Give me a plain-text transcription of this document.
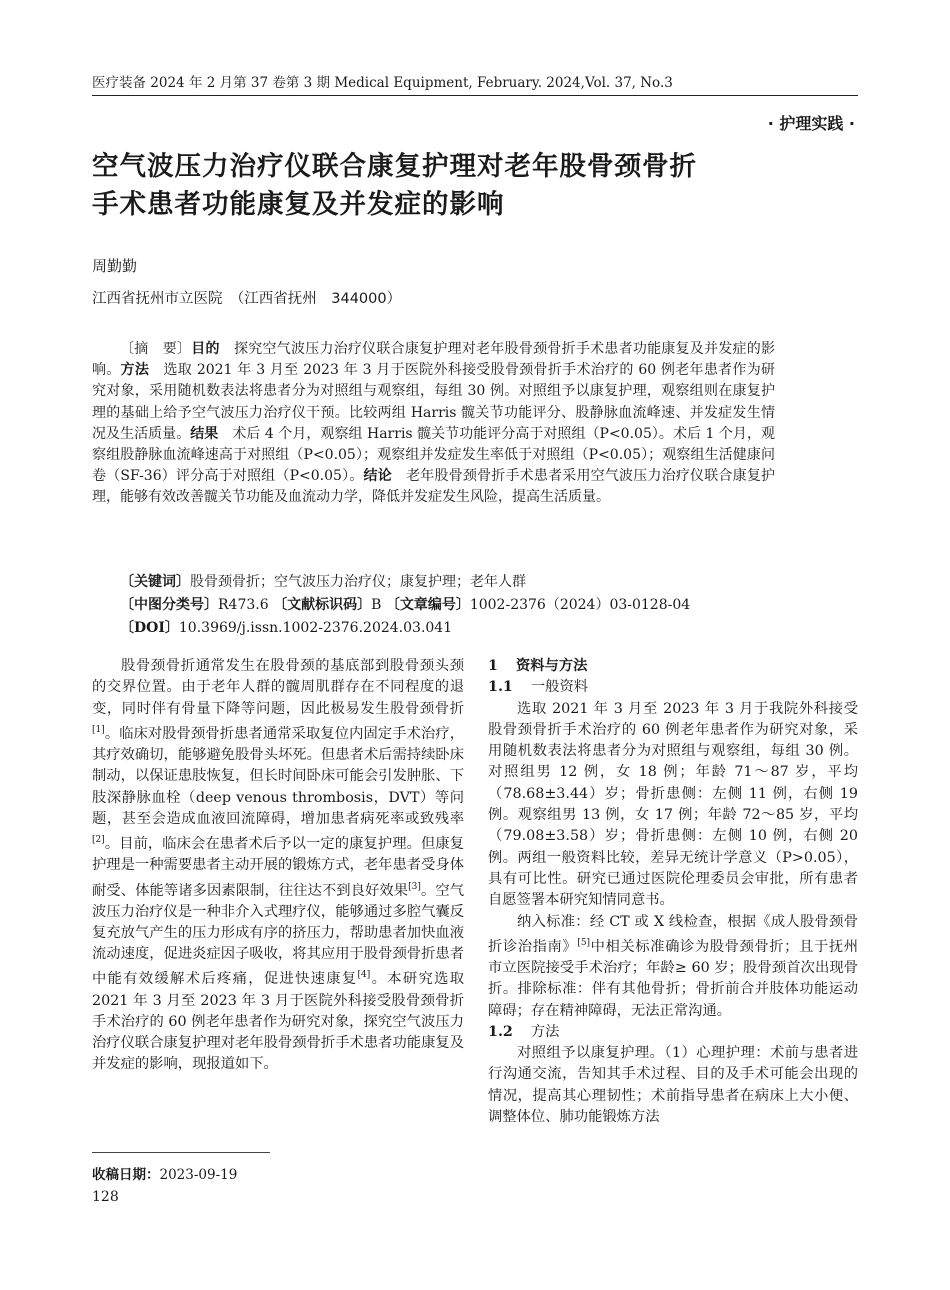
医疗装备 2024 年 2 月第 37 卷第 3 期 Medical Equipment, February. 2024,Vol. 37, No.3
· 护理实践 ·
空气波压力治疗仪联合康复护理对老年股骨颈骨折
手术患者功能康复及并发症的影响
周勤勤
江西省抚州市立医院　（江西省抚州　344000）
〔摘　要〕目的　探究空气波压力治疗仪联合康复护理对老年股骨颈骨折手术患者功能康复及并发症的影响。方法　选取 2021 年 3 月至 2023 年 3 月于医院外科接受股骨颈骨折手术治疗的 60 例老年患者作为研究对象，采用随机数表法将患者分为对照组与观察组，每组 30 例。对照组予以康复护理，观察组则在康复护理的基础上给予空气波压力治疗仪干预。比较两组 Harris 髋关节功能评分、股静脉血流峰速、并发症发生情况及生活质量。结果　术后 4 个月，观察组 Harris 髋关节功能评分高于对照组（P<0.05）。术后 1 个月，观察组股静脉血流峰速高于对照组（P<0.05）；观察组并发症发生率低于对照组（P<0.05）；观察组生活健康问卷（SF-36）评分高于对照组（P<0.05）。结论　老年股骨颈骨折手术患者采用空气波压力治疗仪联合康复护理，能够有效改善髋关节功能及血流动力学，降低并发症发生风险，提高生活质量。
〔关键词〕股骨颈骨折；空气波压力治疗仪；康复护理；老年人群
〔中图分类号〕R473.6 〔文献标识码〕B 〔文章编号〕1002-2376（2024）03-0128-04
〔DOI〕10.3969/j.issn.1002-2376.2024.03.041

股骨颈骨折通常发生在股骨颈的基底部到股骨颈头颈的交界位置。由于老年人群的髋周肌群存在不同程度的退变，同时伴有骨量下降等问题，因此极易发生股骨颈骨折[1]。临床对股骨颈骨折患者通常采取复位内固定手术治疗，其疗效确切，能够避免股骨头坏死。但患者术后需持续卧床制动，以保证患肢恢复，但长时间卧床可能会引发肿胀、下肢深静脉血栓（deep venous thrombosis，DVT）等问题，甚至会造成血液回流障碍，增加患者病死率或致残率[2]。目前，临床会在患者术后予以一定的康复护理。但康复护理是一种需要患者主动开展的锻炼方式，老年患者受身体耐受、体能等诸多因素限制，往往达不到良好效果[3]。空气波压力治疗仪是一种非介入式理疗仪，能够通过多腔气囊反复充放气产生的压力形成有序的挤压力，帮助患者加快血液流动速度，促进炎症因子吸收，将其应用于股骨颈骨折患者中能有效缓解术后疼痛，促进快速康复[4]。本研究选取 2021 年 3 月至 2023 年 3 月于医院外科接受股骨颈骨折手术治疗的 60 例老年患者作为研究对象，探究空气波压力治疗仪联合康复护理对老年股骨颈骨折手术患者功能康复及并发症的影响，现报道如下。

1 资料与方法
1.1 一般资料

选取 2021 年 3 月至 2023 年 3 月于我院外科接受股骨颈骨折手术治疗的 60 例老年患者作为研究对象，采用随机数表法将患者分为对照组与观察组，每组 30 例。对照组男 12 例，女 18 例；年龄 71～87 岁，平均（78.68±3.44）岁；骨折患侧：左侧 11 例，右侧 19 例。观察组男 13 例，女 17 例；年龄 72～85 岁，平均（79.08±3.58）岁；骨折患侧：左侧 10 例，右侧 20 例。两组一般资料比较，差异无统计学意义（P>0.05），具有可比性。研究已通过医院伦理委员会审批，所有患者自愿签署本研究知情同意书。

纳入标准：经 CT 或 X 线检查，根据《成人股骨颈骨折诊治指南》[5]中相关标准确诊为股骨颈骨折；且于抚州市立医院接受手术治疗；年龄≥ 60 岁；股骨颈首次出现骨折。排除标准：伴有其他骨折；骨折前合并肢体功能运动障碍；存在精神障碍，无法正常沟通。

1.2 方法

对照组予以康复护理。（1）心理护理：术前与患者进行沟通交流，告知其手术过程、目的及手术可能会出现的情况，提高其心理韧性；术前指导患者在病床上大小便、调整体位、肺功能锻炼方法

收稿日期：2023-09-19
128
